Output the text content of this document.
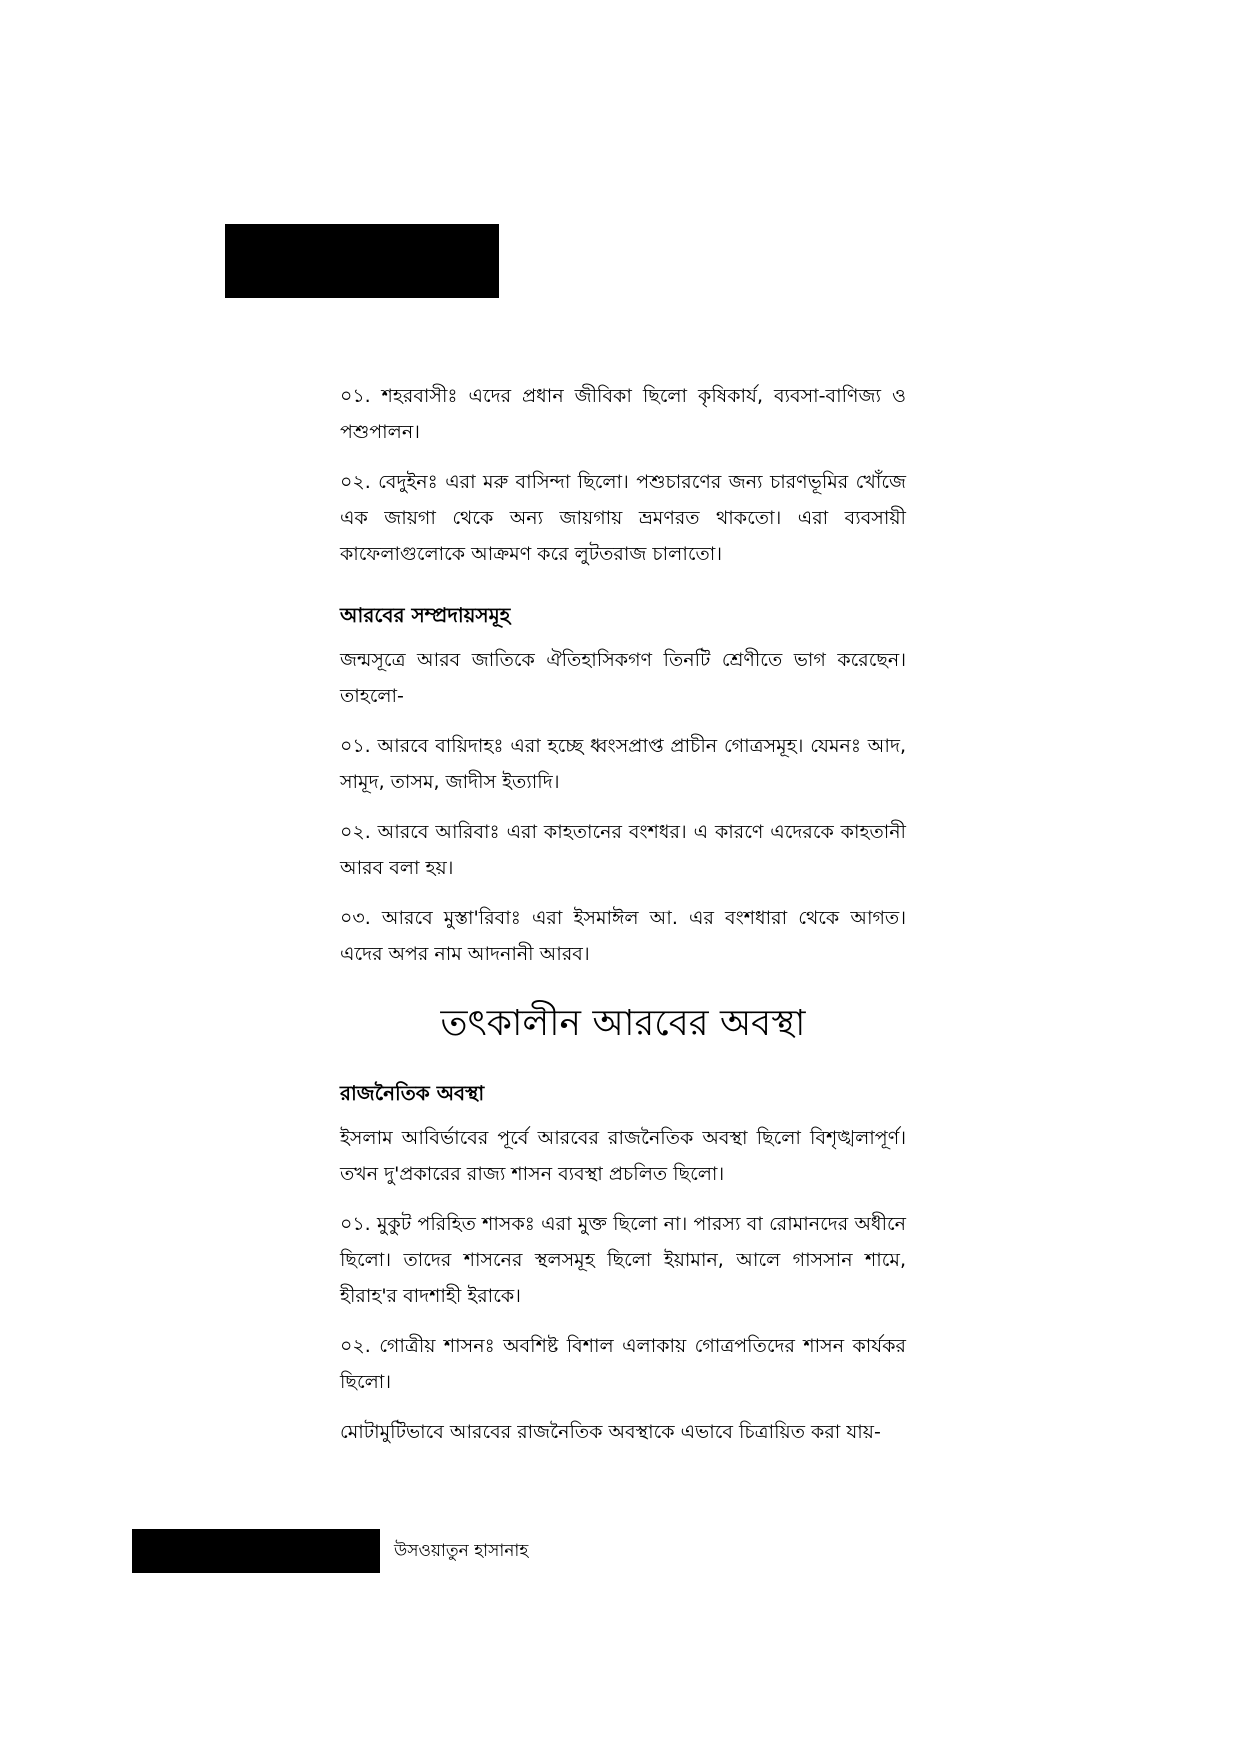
০১. শহরবাসীঃ এদের প্রধান জীবিকা ছিলো কৃষিকার্য, ব্যবসা-বাণিজ্য ও পশুপালন।

০২. বেদুইনঃ এরা মরু বাসিন্দা ছিলো। পশুচারণের জন্য চারণভূমির খোঁজে এক জায়গা থেকে অন্য জায়গায় ভ্রমণরত থাকতো। এরা ব্যবসায়ী কাফেলাগুলোকে আক্রমণ করে লুটতরাজ চালাতো।

আরবের সম্প্রদায়সমূহ

জন্মসূত্রে আরব জাতিকে ঐতিহাসিকগণ তিনটি শ্রেণীতে ভাগ করেছেন। তাহলো-

০১. আরবে বায়িদাহঃ এরা হচ্ছে ধ্বংসপ্রাপ্ত প্রাচীন গোত্রসমূহ। যেমনঃ আদ, সামূদ, তাসম, জাদীস ইত্যাদি।

০২. আরবে আরিবাঃ এরা কাহতানের বংশধর। এ কারণে এদেরকে কাহতানী আরব বলা হয়।

০৩. আরবে মুস্তা'রিবাঃ এরা ইসমাঈল আ. এর বংশধারা থেকে আগত। এদের অপর নাম আদনানী আরব।

তৎকালীন আরবের অবস্থা
রাজনৈতিক অবস্থা

ইসলাম আবির্ভাবের পূর্বে আরবের রাজনৈতিক অবস্থা ছিলো বিশৃঙ্খলাপূর্ণ। তখন দু'প্রকারের রাজ্য শাসন ব্যবস্থা প্রচলিত ছিলো।

০১. মুকুট পরিহিত শাসকঃ এরা মুক্ত ছিলো না। পারস্য বা রোমানদের অধীনে ছিলো। তাদের শাসনের স্থলসমূহ ছিলো ইয়ামান, আলে গাসসান শামে, হীরাহ'র বাদশাহী ইরাকে।

০২. গোত্রীয় শাসনঃ অবশিষ্ট বিশাল এলাকায় গোত্রপতিদের শাসন কার্যকর ছিলো।

মোটামুটিভাবে আরবের রাজনৈতিক অবস্থাকে এভাবে চিত্রায়িত করা যায়-

উসওয়াতুন হাসানাহ
